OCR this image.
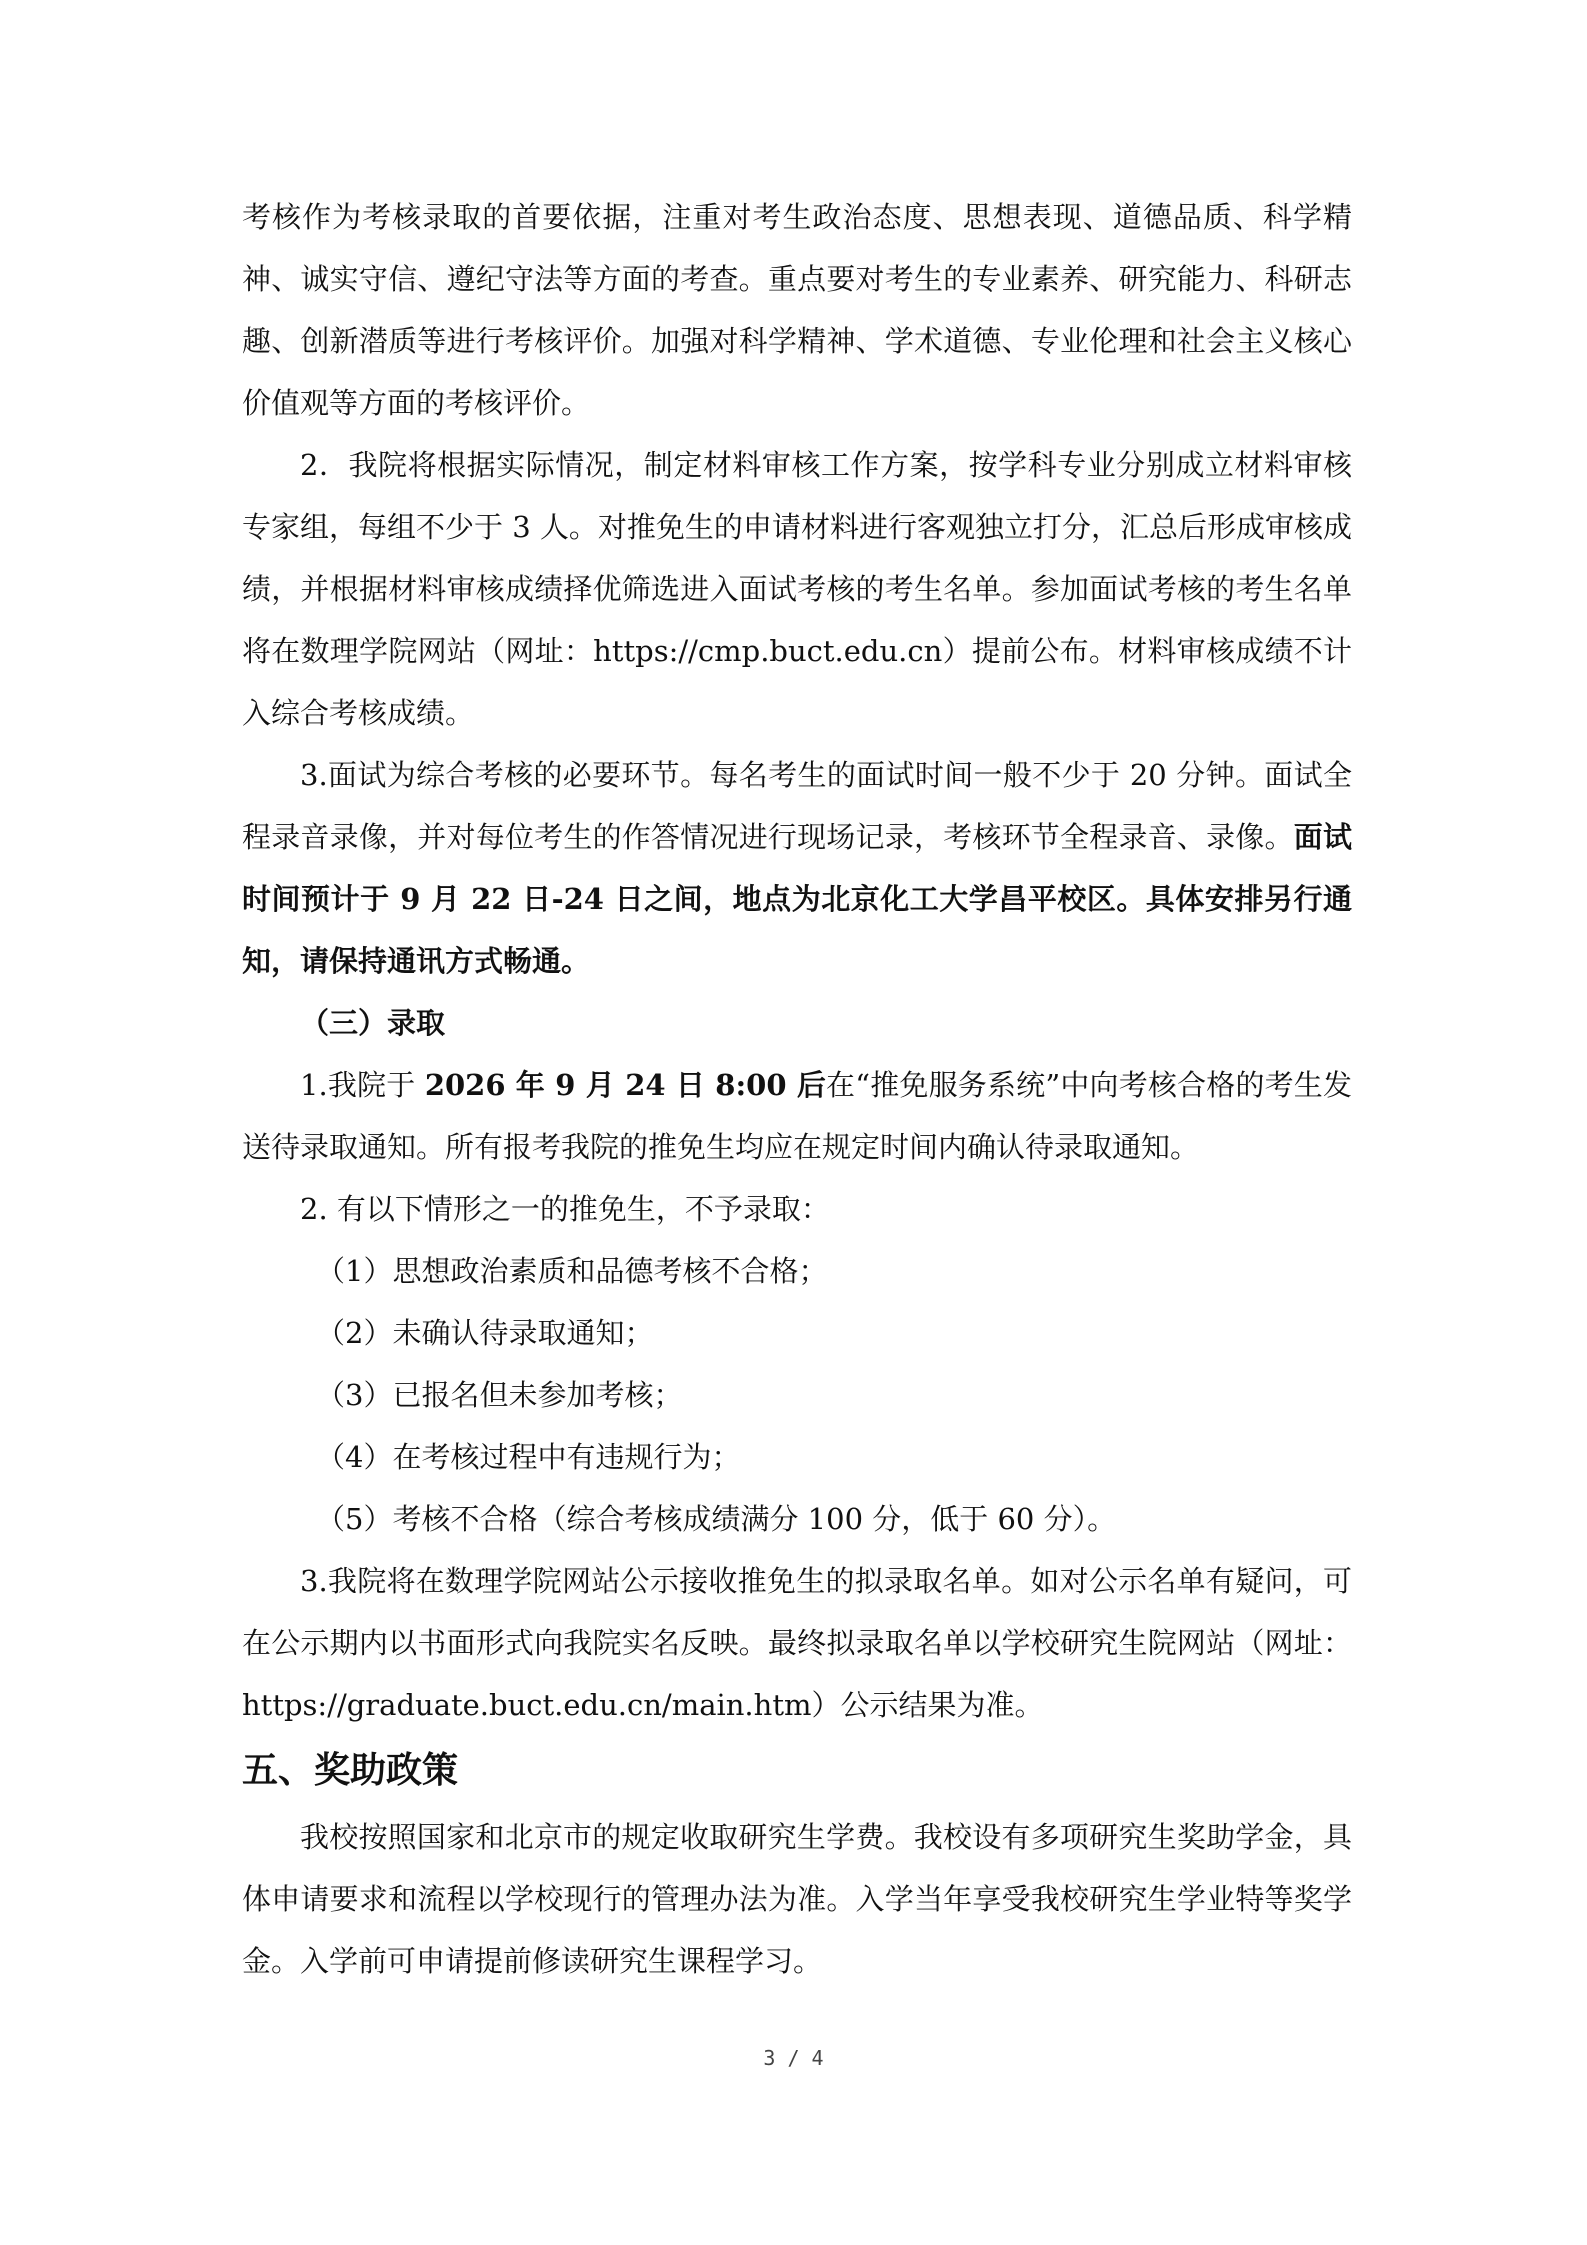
考核作为考核录取的首要依据，注重对考生政治态度、思想表现、道德品质、科学精神、诚实守信、遵纪守法等方面的考查。重点要对考生的专业素养、研究能力、科研志趣、创新潜质等进行考核评价。加强对科学精神、学术道德、专业伦理和社会主义核心价值观等方面的考核评价。

2．我院将根据实际情况，制定材料审核工作方案，按学科专业分别成立材料审核专家组，每组不少于 3 人。对推免生的申请材料进行客观独立打分，汇总后形成审核成绩，并根据材料审核成绩择优筛选进入面试考核的考生名单。参加面试考核的考生名单将在数理学院网站（网址：https://cmp.buct.edu.cn）提前公布。材料审核成绩不计入综合考核成绩。

3.面试为综合考核的必要环节。每名考生的面试时间一般不少于 20 分钟。面试全程录音录像，并对每位考生的作答情况进行现场记录，考核环节全程录音、录像。面试时间预计于 9 月 22 日-24 日之间，地点为北京化工大学昌平校区。具体安排另行通知，请保持通讯方式畅通。

（三）录取

1.我院于 2026 年 9 月 24 日 8:00 后在“推免服务系统”中向考核合格的考生发送待录取通知。所有报考我院的推免生均应在规定时间内确认待录取通知。

2. 有以下情形之一的推免生，不予录取：

（1）思想政治素质和品德考核不合格；

（2）未确认待录取通知；

（3）已报名但未参加考核；

（4）在考核过程中有违规行为；

（5）考核不合格（综合考核成绩满分 100 分，低于 60 分）。

3.我院将在数理学院网站公示接收推免生的拟录取名单。如对公示名单有疑问，可在公示期内以书面形式向我院实名反映。最终拟录取名单以学校研究生院网站（网址：https://graduate.buct.edu.cn/main.htm）公示结果为准。

五、奖助政策

我校按照国家和北京市的规定收取研究生学费。我校设有多项研究生奖助学金，具体申请要求和流程以学校现行的管理办法为准。入学当年享受我校研究生学业特等奖学金。入学前可申请提前修读研究生课程学习。

3 / 4
